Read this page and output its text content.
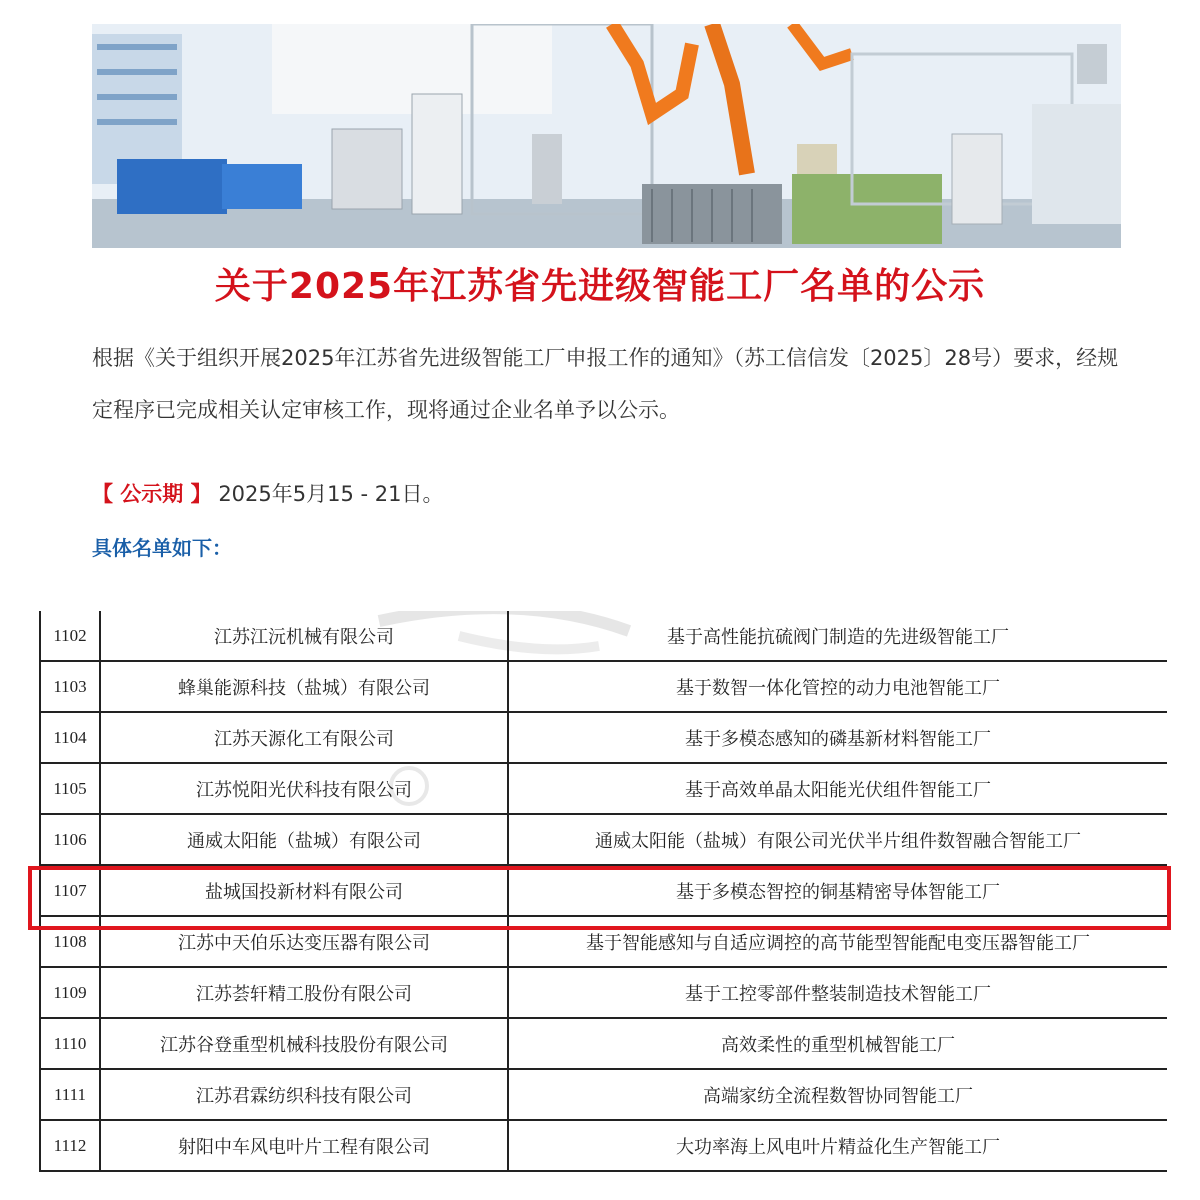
关于2025年江苏省先进级智能工厂名单的公示
根据《关于组织开展2025年江苏省先进级智能工厂申报工作的通知》（苏工信信发〔2025〕28号）要求，经规定程序已完成相关认定审核工作，现将通过企业名单予以公示。
【 公示期 】 2025年5月15 - 21日。
具体名单如下：
1102	江苏江沅机械有限公司	基于高性能抗硫阀门制造的先进级智能工厂
1103	蜂巢能源科技（盐城）有限公司	基于数智一体化管控的动力电池智能工厂
1104	江苏天源化工有限公司	基于多模态感知的磷基新材料智能工厂
1105	江苏悦阳光伏科技有限公司	基于高效单晶太阳能光伏组件智能工厂
1106	通威太阳能（盐城）有限公司	通威太阳能（盐城）有限公司光伏半片组件数智融合智能工厂
1107	盐城国投新材料有限公司	基于多模态智控的铜基精密导体智能工厂
1108	江苏中天伯乐达变压器有限公司	基于智能感知与自适应调控的高节能型智能配电变压器智能工厂
1109	江苏荟轩精工股份有限公司	基于工控零部件整装制造技术智能工厂
1110	江苏谷登重型机械科技股份有限公司	高效柔性的重型机械智能工厂
1111	江苏君霖纺织科技有限公司	高端家纺全流程数智协同智能工厂
1112	射阳中车风电叶片工程有限公司	大功率海上风电叶片精益化生产智能工厂
